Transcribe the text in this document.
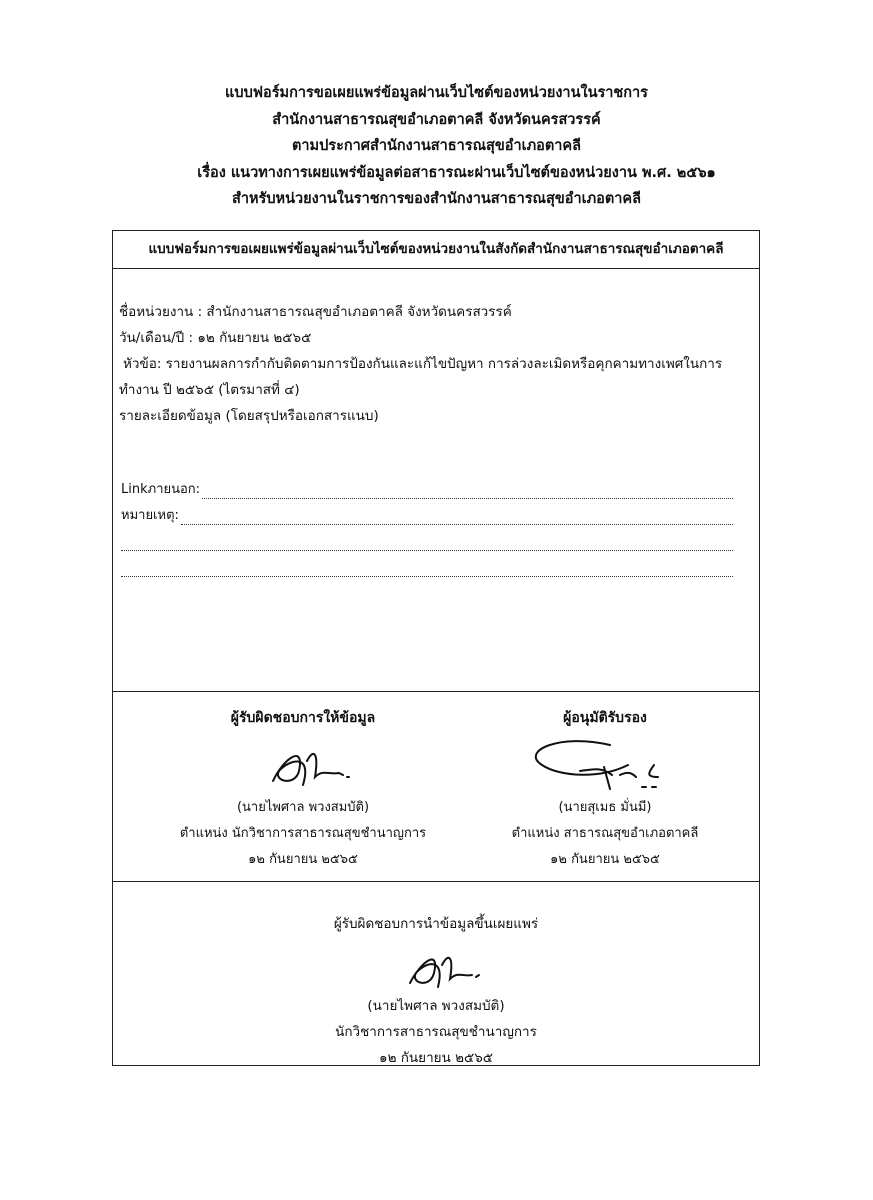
แบบฟอร์มการขอเผยแพร่ข้อมูลผ่านเว็บไซต์ของหน่วยงานในราชการ
สำนักงานสาธารณสุขอำเภอตาคลี จังหวัดนครสวรรค์
ตามประกาศสำนักงานสาธารณสุขอำเภอตาคลี
เรื่อง แนวทางการเผยแพร่ข้อมูลต่อสาธารณะผ่านเว็บไซต์ของหน่วยงาน พ.ศ. ๒๕๖๑
สำหรับหน่วยงานในราชการของสำนักงานสาธารณสุขอำเภอตาคลี
แบบฟอร์มการขอเผยแพร่ข้อมูลผ่านเว็บไซต์ของหน่วยงานในสังกัดสำนักงานสาธารณสุขอำเภอตาคลี
ชื่อหน่วยงาน : สำนักงานสาธารณสุขอำเภอตาคลี จังหวัดนครสวรรค์
วัน/เดือน/ปี : ๑๒ กันยายน ๒๕๖๕
หัวข้อ: รายงานผลการกำกับติดตามการป้องกันและแก้ไขปัญหา การล่วงละเมิดหรือคุกคามทางเพศในการ
ทำงาน ปี ๒๕๖๕ (ไตรมาสที่ ๔)
รายละเอียดข้อมูล (โดยสรุปหรือเอกสารแนบ)
Linkภายนอก:
หมายเหตุ:
ผู้รับผิดชอบการให้ข้อมูล
(นายไพศาล พวงสมบัติ)
ตำแหน่ง นักวิชาการสาธารณสุขชำนาญการ
๑๒ กันยายน ๒๕๖๕
ผู้อนุมัติรับรอง
(นายสุเมธ มั่นมี)
ตำแหน่ง สาธารณสุขอำเภอตาคลี
๑๒ กันยายน ๒๕๖๕
ผู้รับผิดชอบการนำข้อมูลขึ้นเผยแพร่
(นายไพศาล พวงสมบัติ)
นักวิชาการสาธารณสุขชำนาญการ
๑๒ กันยายน ๒๕๖๕
